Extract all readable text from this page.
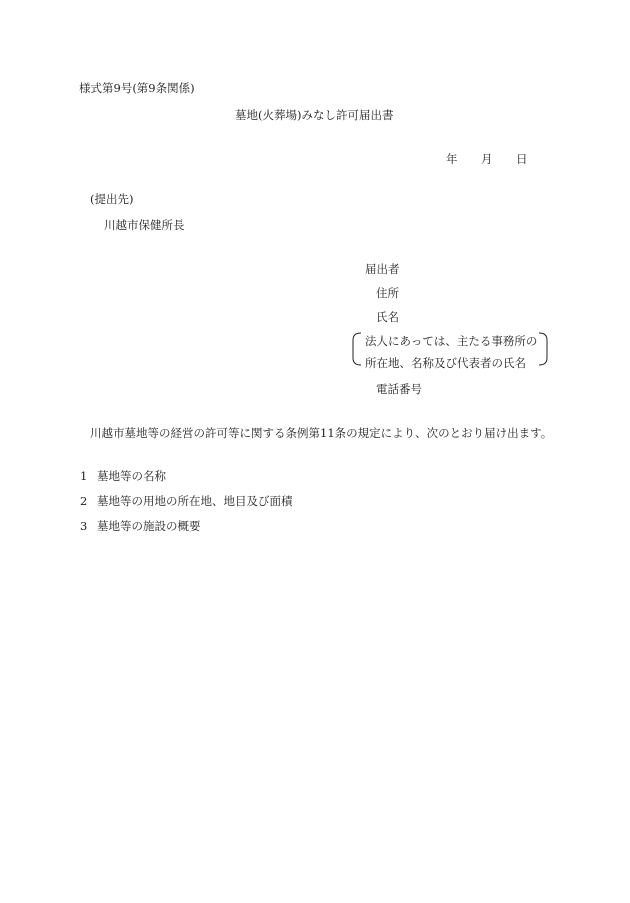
様式第9号(第9条関係)
墓地(火葬場)みなし許可届出書
年 月 日
(提出先)
川越市保健所長
届出者
住所
氏名
法人にあっては、主たる事務所の
所在地、名称及び代表者の氏名
電話番号
川越市墓地等の経営の許可等に関する条例第11条の規定により、次のとおり届け出ます。
1 墓地等の名称
2 墓地等の用地の所在地、地目及び面積
3 墓地等の施設の概要
